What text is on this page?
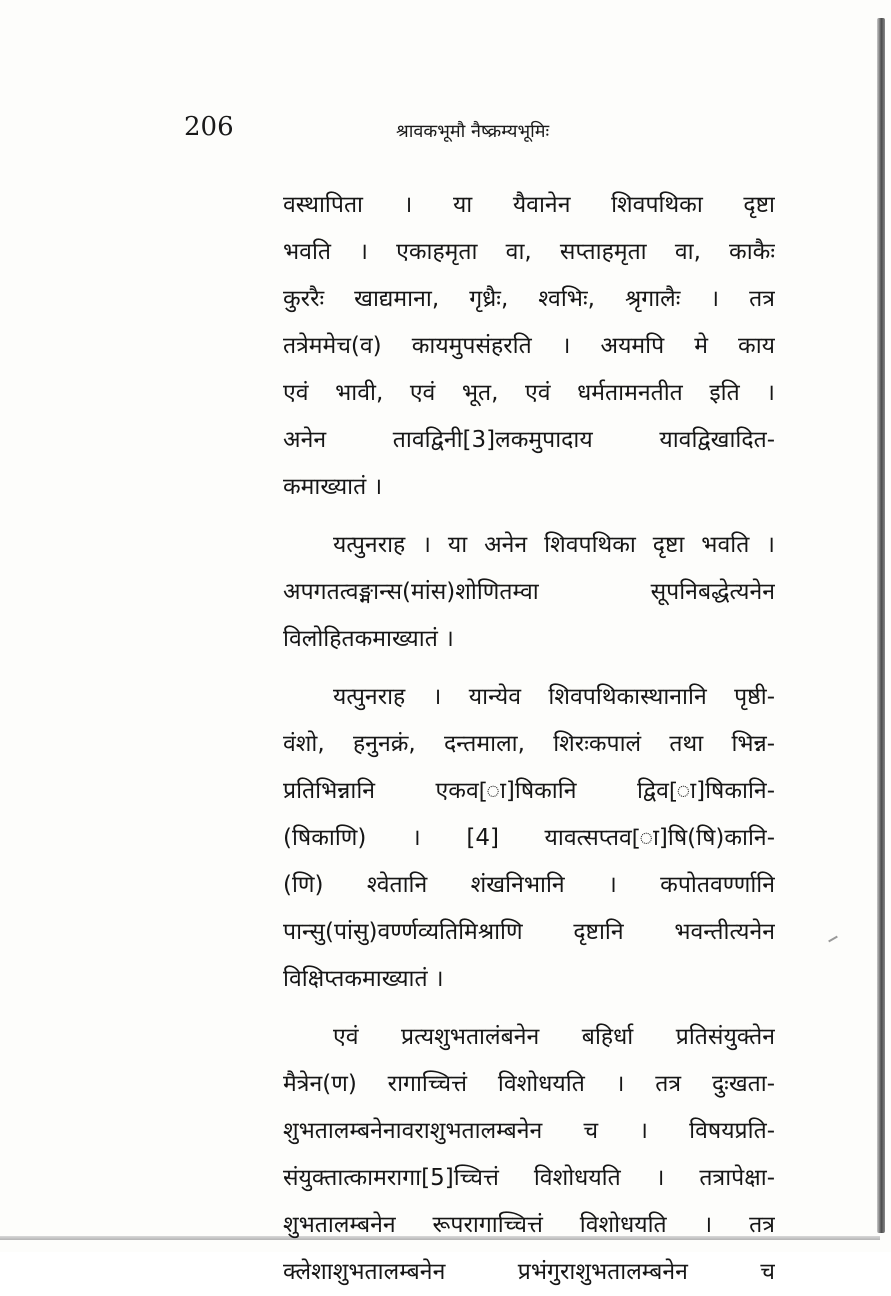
206	श्रावकभूमौ नैष्क्रम्यभूमिः
वस्थापिता । या यैवानेन शिवपथिका दृष्टा
भवति । एकाहमृता वा, सप्ताहमृता वा, काकैः
कुररैः खाद्यमाना, गृध्रैः, श्वभिः, श्रृगालैः । तत्र
तत्रेममेच(व) कायमुपसंहरति । अयमपि मे काय
एवं भावी, एवं भूत, एवं धर्मतामनतीत इति ।
अनेन तावद्विनी[3]लकमुपादाय यावद्विखादित-
कमाख्यातं ।
यत्पुनराह । या अनेन शिवपथिका दृष्टा भवति ।
अपगतत्वङ्मान्स(मांस)शोणितम्वा सूपनिबद्धेत्यनेन
विलोहितकमाख्यातं ।
यत्पुनराह । यान्येव शिवपथिकास्थानानि पृष्ठी-
वंशो, हनुनक्रं, दन्तमाला, शिरःकपालं तथा भिन्न-
प्रतिभिन्नानि एकव[ा]षिकानि द्विव[ा]षिकानि-
(षिकाणि) । [4] यावत्सप्तव[ा]षि(षि)कानि-
(णि) श्वेतानि शंखनिभानि । कपोतवर्ण्णानि
पान्सु(पांसु)वर्ण्णव्यतिमिश्राणि दृष्टानि भवन्तीत्यनेन
विक्षिप्तकमाख्यातं ।
एवं प्रत्यशुभतालंबनेन बहिर्धा प्रतिसंयुक्तेन
मैत्रेन(ण) रागाच्चित्तं विशोधयति । तत्र दुःखता-
शुभतालम्बनेनावराशुभतालम्बनेन च । विषयप्रति-
संयुक्तात्कामरागा[5]च्चित्तं विशोधयति । तत्रापेक्षा-
शुभतालम्बनेन रूपरागाच्चित्तं विशोधयति । तत्र
क्लेशाशुभतालम्बनेन प्रभंगुराशुभतालम्बनेन च
